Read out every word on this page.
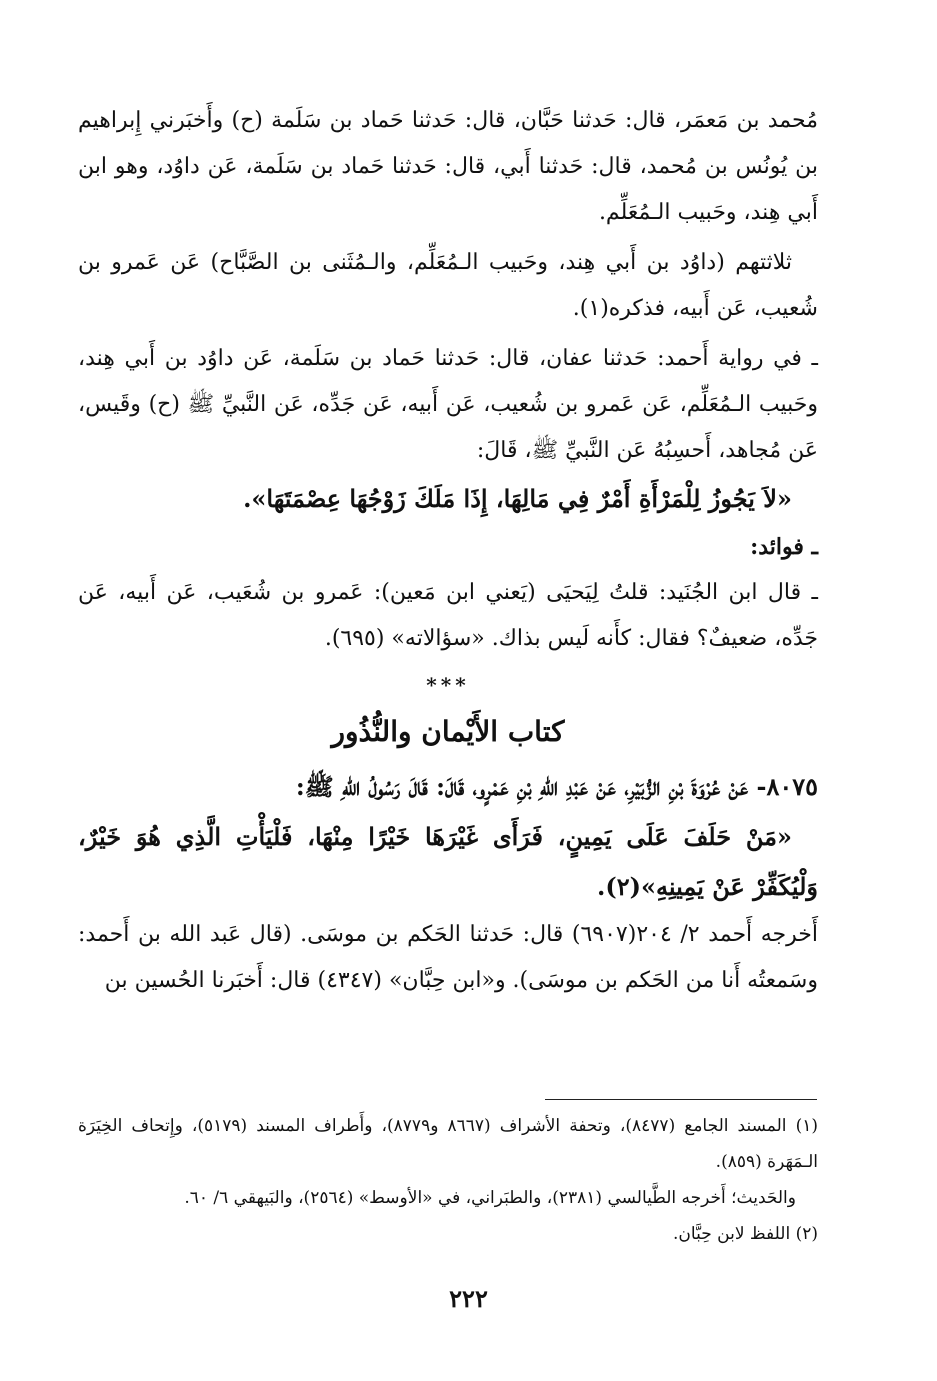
مُحمد بن مَعمَر، قال: حَدثنا حَبَّان، قال: حَدثنا حَماد بن سَلَمة (ح) وأَخبَرني إِبراهيم بن يُونُس بن مُحمد، قال: حَدثنا أَبي، قال: حَدثنا حَماد بن سَلَمة، عَن داوُد، وهو ابن أَبي هِند، وحَبيب الـمُعَلِّم.

ثلاثتهم (داوُد بن أَبي هِند، وحَبيب الـمُعَلِّم، والـمُثَنى بن الصَّبَّاح) عَن عَمرو بن شُعيب، عَن أَبيه، فذكره(١).

ـ في رواية أَحمد: حَدثنا عفان، قال: حَدثنا حَماد بن سَلَمة، عَن داوُد بن أَبي هِند، وحَبيب الـمُعَلِّم، عَن عَمرو بن شُعيب، عَن أَبيه، عَن جَدِّه، عَن النَّبيِّ ﷺ (ح) وقَيس، عَن مُجاهد، أَحسِبُهُ عَن النَّبيِّ ﷺ، قَالَ:

«لاَ يَجُوزُ لِلْمَرْأَةِ أَمْرٌ فِي مَالِهَا، إِذَا مَلَكَ زَوْجُهَا عِصْمَتَهَا».

ـ فوائد:

ـ قال ابن الجُنَيد: قلتُ لِيَحيَى (يَعني ابن مَعين): عَمرو بن شُعَيب، عَن أَبيه، عَن جَدِّه، ضعيفٌ؟ فقال: كأَنه لَيس بذاك. «سؤالاته» (٦٩٥).

***

كتاب الأَيْمان والنُّذُور

٨٠٧٥- عَنْ عُرْوَةَ بْنِ الزُّبَيْرِ، عَنْ عَبْدِ اللهِ بْنِ عَمْرٍو، قَالَ: قَالَ رَسُولُ اللهِ ﷺ:

«مَنْ حَلَفَ عَلَى يَمِينٍ، فَرَأَى غَيْرَهَا خَيْرًا مِنْهَا، فَلْيَأْتِ الَّذِي هُوَ خَيْرٌ، وَلْيُكَفِّرْ عَنْ يَمِينِهِ»(٢).

أَخرجه أَحمد ٢/ ٢٠٤(٦٩٠٧) قال: حَدثنا الحَكم بن موسَى. (قال عَبد الله بن أَحمد: وسَمعتُه أَنا من الحَكم بن موسَى). و«ابن حِبَّان» (٤٣٤٧) قال: أَخبَرنا الحُسين بن

(١) المسند الجامع (٨٤٧٧)، وتحفة الأشراف (٨٦٦٧ و٨٧٧٩)، وأَطراف المسند (٥١٧٩)، وإِتحاف الخِيَرَة الـمَهَرة (٨٥٩).

والحَديث؛ أَخرجه الطَّيالسي (٢٣٨١)، والطبَراني، في «الأوسط» (٢٥٦٤)، والبَيهقي ٦/ ٦٠.

(٢) اللفظ لابن حِبَّان.

٢٢٢
